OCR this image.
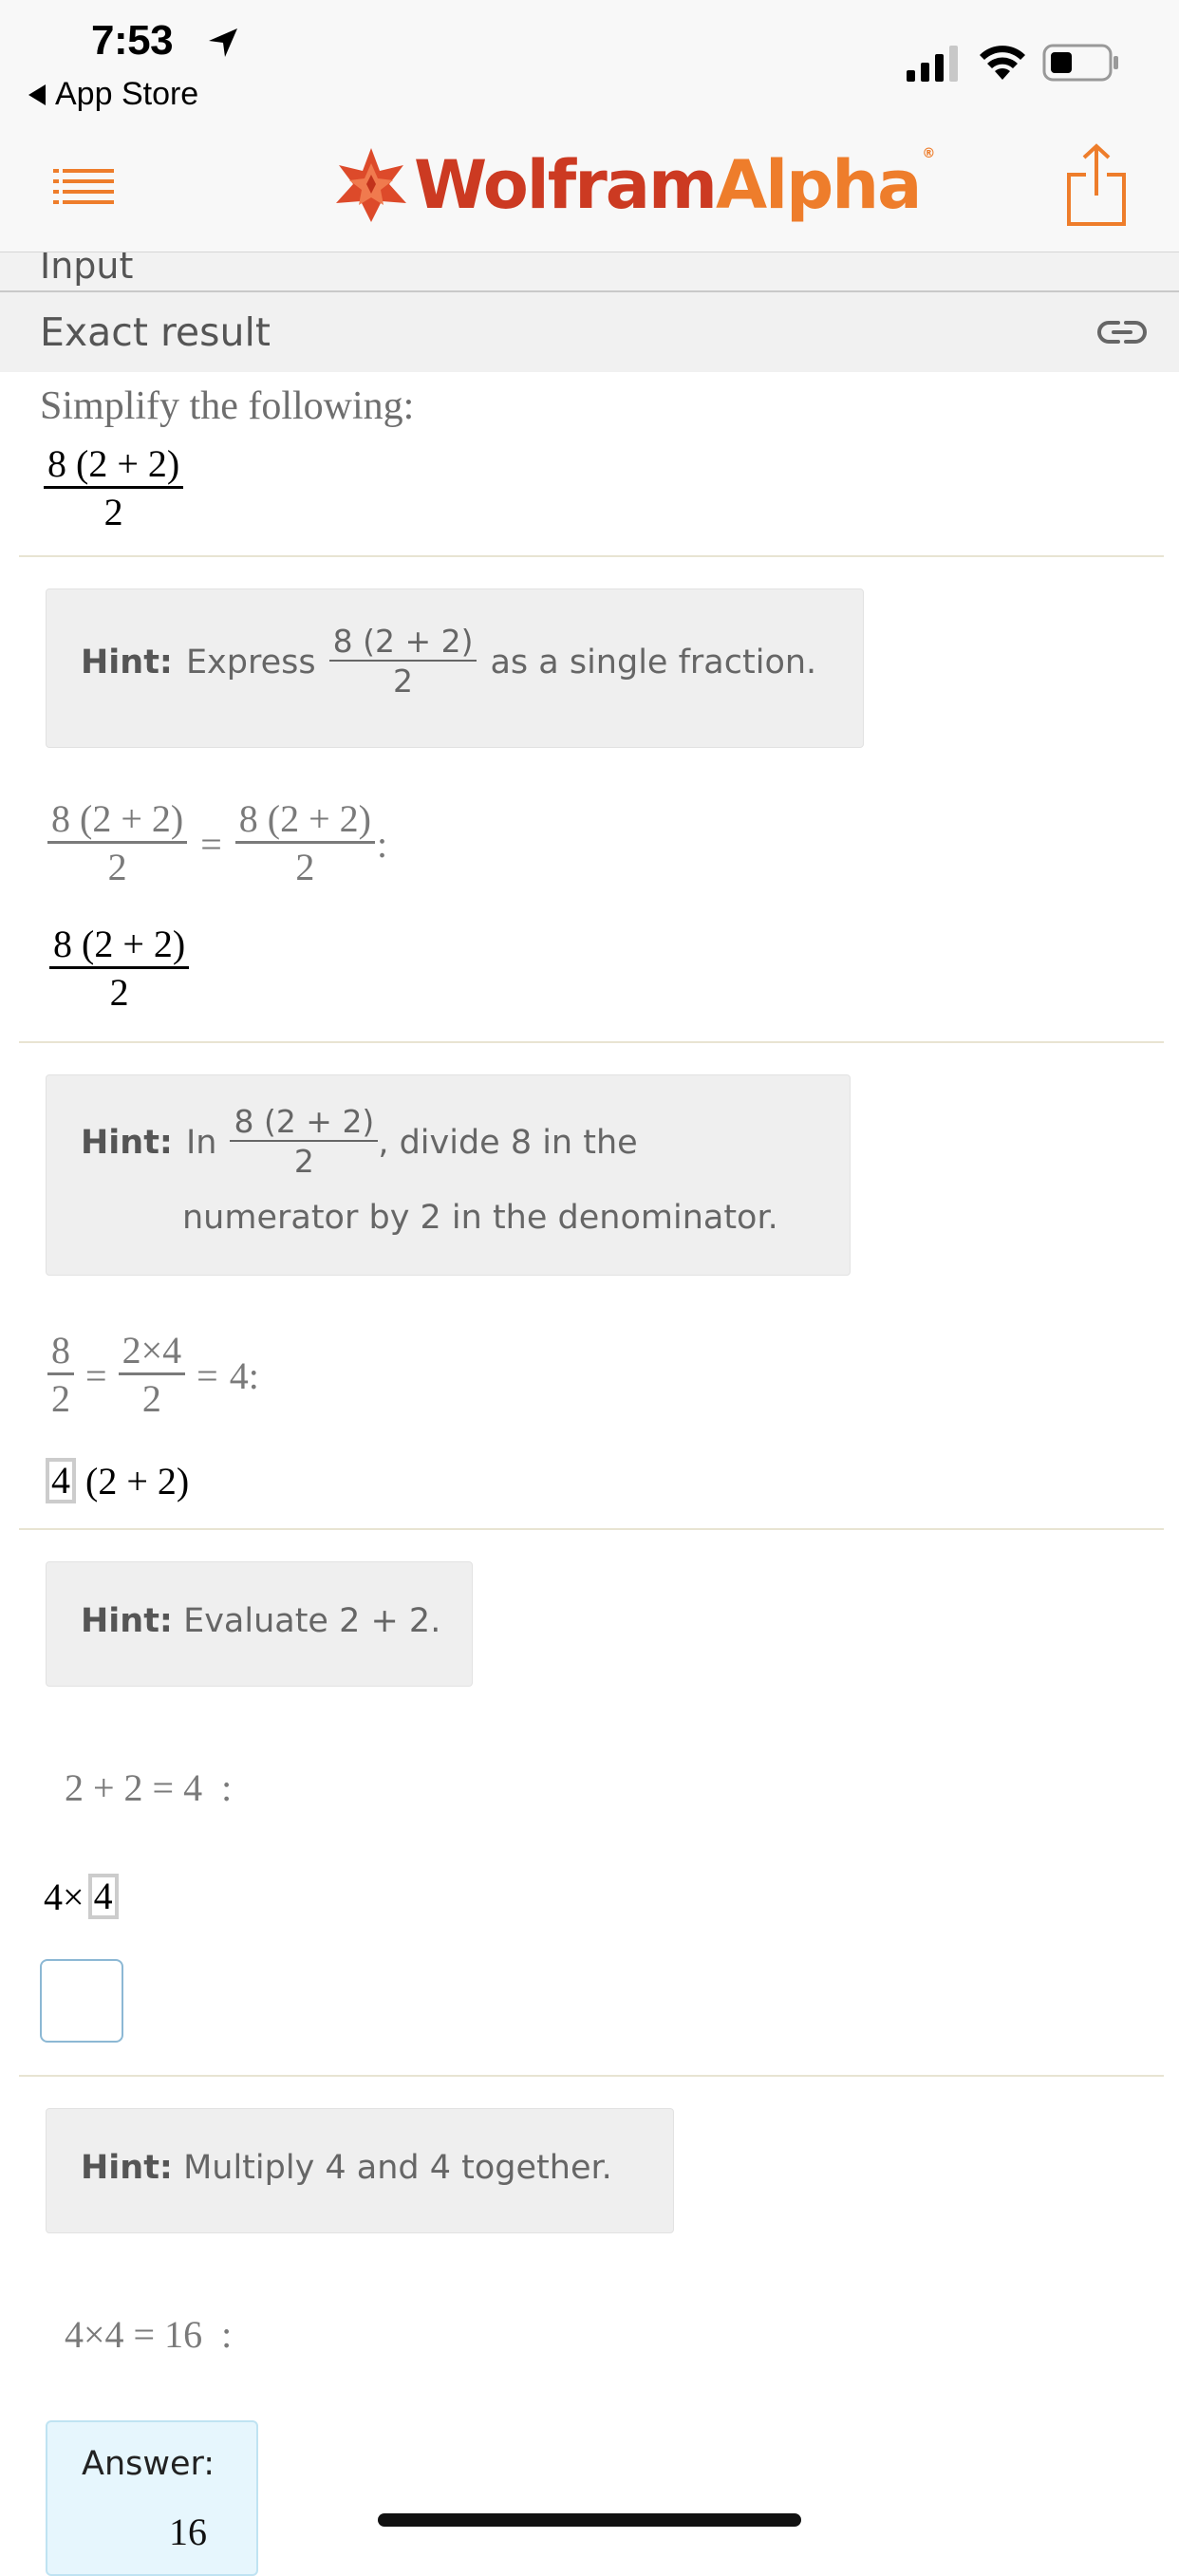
7:53
App Store
WolframAlpha ®
Input
Exact result
Simplify the following:
$\frac{8 (2 + 2)}{2}$
Hint: Express $\frac{8 (2 + 2)}{2}$ as a single fraction.
$\frac{8 (2 + 2)}{2} = \frac{8 (2 + 2)}{2}$ :
$\frac{8 (2 + 2)}{2}$
Hint: In $\frac{8 (2 + 2)}{2}$ , divide 8 in the
numerator by 2 in the denominator.
$\frac{8}{2} = \frac{2\times 4}{2} = 4$:
4 (2 + 2)
Hint: Evaluate 2 + 2.
2 + 2 = 4  :
4× 4
Hint: Multiply 4 and 4 together.
4×4 = 16  :
Answer:
16
